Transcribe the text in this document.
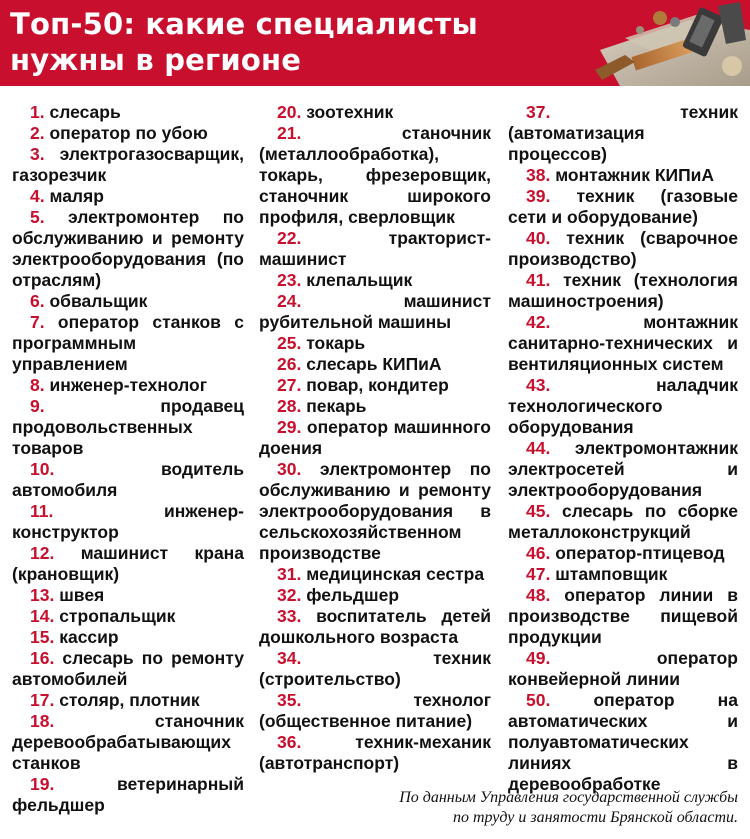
Топ-50: какие специалисты
нужны в регионе
1. слесарь
2. оператор по убою
3. электрогазосварщик, газорезчик
4. маляр
5. электромонтер по обслуживанию и ремонту электрооборудования (по отраслям)
6. обвальщик
7. оператор станков с программным управлением
8. инженер-технолог
9.	продавец продовольственных товаров
10.	водитель автомобиля
11.	инженер-конструктор
12. машинист крана (крановщик)
13. швея
14. стропальщик
15. кассир
16. слесарь по ремонту автомобилей
17. столяр, плотник
18.	станочник деревообрабатывающих станков
19.	ветеринарный фельдшер
20. зоотехник
21.	станочник (металлообработка), токарь, фрезеровщик, станочник широкого профиля, сверловщик
22.	тракторист-машинист
23. клепальщик
24.	машинист рубительной машины
25. токарь
26. слесарь КИПиА
27. повар, кондитер
28. пекарь
29. оператор машинного доения
30. электромонтер по обслуживанию и ремонту электрооборудования в сельскохозяйственном производстве
31. медицинская сестра
32. фельдшер
33. воспитатель детей дошкольного возраста
34.	техник (строительство)
35.	технолог (общественное питание)
36.	техник-механик (автотранспорт)
37.	техник (автоматизация процессов)
38. монтажник КИПиА
39. техник (газовые сети и оборудование)
40. техник (сварочное производство)
41. техник (технология машиностроения)
42.	монтажник санитарно-технических и вентиляционных систем
43.	наладчик технологического оборудования
44. электромонтажник электросетей и электрооборудования
45. слесарь по сборке металлоконструкций
46. оператор-птицевод
47. штамповщик
48. оператор линии в производстве пищевой продукции
49.	оператор конвейерной линии
50. оператор на автоматических и полуавтоматических линиях в деревообработке
По данным Управления государственной службы
по труду и занятости Брянской области.
